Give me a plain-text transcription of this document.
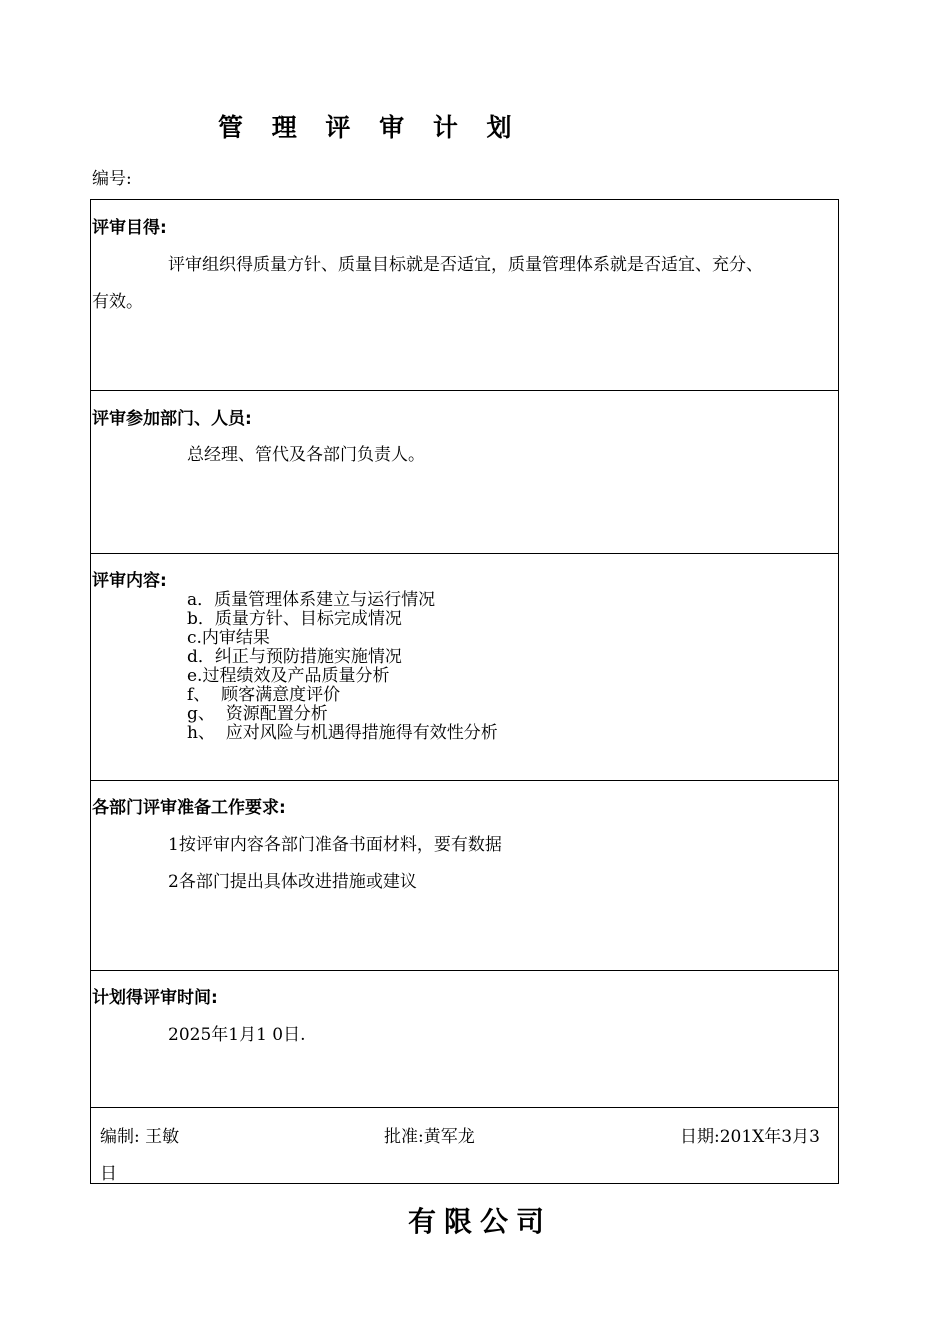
管 理 评 审 计 划
编号:
评审目得:
评审组织得质量方针、质量目标就是否适宜，质量管理体系就是否适宜、充分、
有效。
评审参加部门、人员:
总经理、管代及各部门负责人。
评审内容:
a．质量管理体系建立与运行情况
b．质量方针、目标完成情况
c.内审结果
d．纠正与预防措施实施情况
e.过程绩效及产品质量分析
f、  顾客满意度评价
g、  资源配置分析
h、  应对风险与机遇得措施得有效性分析
各部门评审准备工作要求:
1按评审内容各部门准备书面材料，要有数据
2各部门提出具体改进措施或建议
计划得评审时间:
2025年1月1 0日.
编制: 王敏	批准:黄军龙	日期:201X年3月3
日
有限公司
